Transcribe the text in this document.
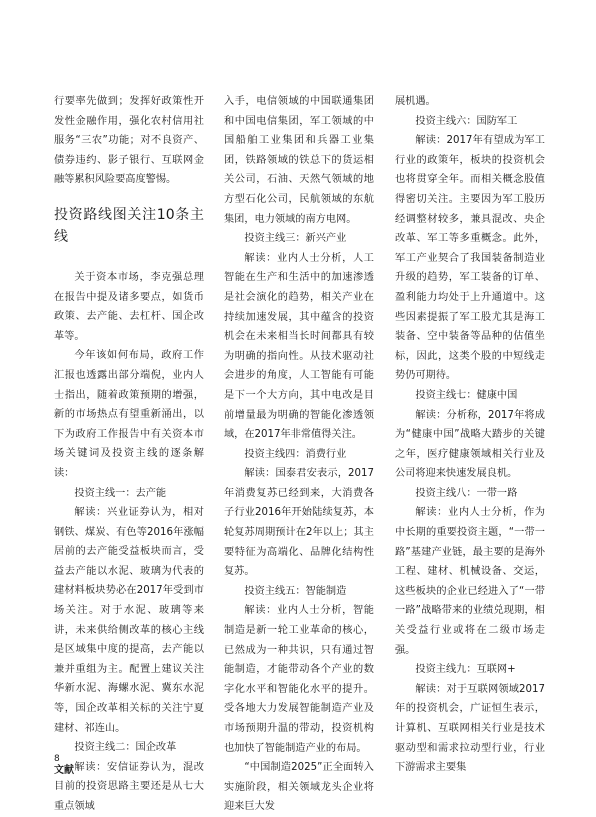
行要率先做到；发挥好政策性开发性金融作用，强化农村信用社服务“三农”功能；对不良资产、债券违约、影子银行、互联网金融等累积风险要高度警惕。

投资路线图关注10条主线

关于资本市场，李克强总理在报告中提及诸多要点，如货币政策、去产能、去杠杆、国企改革等。

今年该如何布局，政府工作汇报也透露出部分端倪，业内人士指出，随着政策预期的增强，新的市场热点有望重新涌出，以下为政府工作报告中有关资本市场关键词及投资主线的逐条解读：

投资主线一：去产能

解读：兴业证券认为，相对钢铁、煤炭、有色等2016年涨幅居前的去产能受益板块而言，受益去产能以水泥、玻璃为代表的建材料板块势必在2017年受到市场关注。对于水泥、玻璃等来讲，未来供给侧改革的核心主线是区域集中度的提高，去产能以兼并重组为主。配置上建议关注华新水泥、海螺水泥、冀东水泥等，国企改革相关标的关注宁夏建材、祁连山。

投资主线二：国企改革

解读：安信证券认为，混改目前的投资思路主要还是从七大重点领域

入手，电信领域的中国联通集团和中国电信集团，军工领域的中国船舶工业集团和兵器工业集团，铁路领域的铁总下的货运相关公司，石油、天然气领域的地方型石化公司，民航领域的东航集团，电力领域的南方电网。

投资主线三：新兴产业

解读：业内人士分析，人工智能在生产和生活中的加速渗透是社会演化的趋势，相关产业在持续加速发展，其中蕴含的投资机会在未来相当长时间都具有较为明确的指向性。从技术驱动社会进步的角度，人工智能有可能是下一个大方向，其中电改是目前增量最为明确的智能化渗透领域，在2017年非常值得关注。

投资主线四：消费行业

解读：国泰君安表示，2017年消费复苏已经到来，大消费各子行业2016年开始陆续复苏，本轮复苏周期预计在2年以上；其主要特征为高端化、品牌化结构性复苏。

投资主线五：智能制造

解读：业内人士分析，智能制造是新一轮工业革命的核心，已然成为一种共识，只有通过智能制造，才能带动各个产业的数字化水平和智能化水平的提升。受各地大力发展智能制造产业及市场预期升温的带动，投资机构也加快了智能制造产业的布局。

“中国制造2025”正全面转入实施阶段，相关领域龙头企业将迎来巨大发

展机遇。

投资主线六：国防军工

解读：2017年有望成为军工行业的政策年，板块的投资机会也将贯穿全年。而相关概念股值得密切关注。主要因为军工股历经调整材较多，兼具混改、央企改革、军工等多重概念。此外，军工产业契合了我国装备制造业升级的趋势，军工装备的订单、盈利能力均处于上升通道中。这些因素提振了军工股尤其是海工装备、空中装备等品种的估值坐标，因此，这类个股的中短线走势仍可期待。

投资主线七：健康中国

解读：分析称，2017年将成为“健康中国”战略大踏步的关键之年，医疗健康领域相关行业及公司将迎来快速发展良机。

投资主线八：一带一路

解读：业内人士分析，作为中长期的重要投资主题，“一带一路”基建产业链，最主要的是海外工程、建材、机械设备、交运，这些板块的企业已经进入了“一带一路”战略带来的业绩兑现期，相关受益行业或将在二级市场走强。

投资主线九：互联网+

解读：对于互联网领域2017年的投资机会，广证恒生表示，计算机、互联网相关行业是技术驱动型和需求拉动型行业，行业下游需求主要集

8
文献
